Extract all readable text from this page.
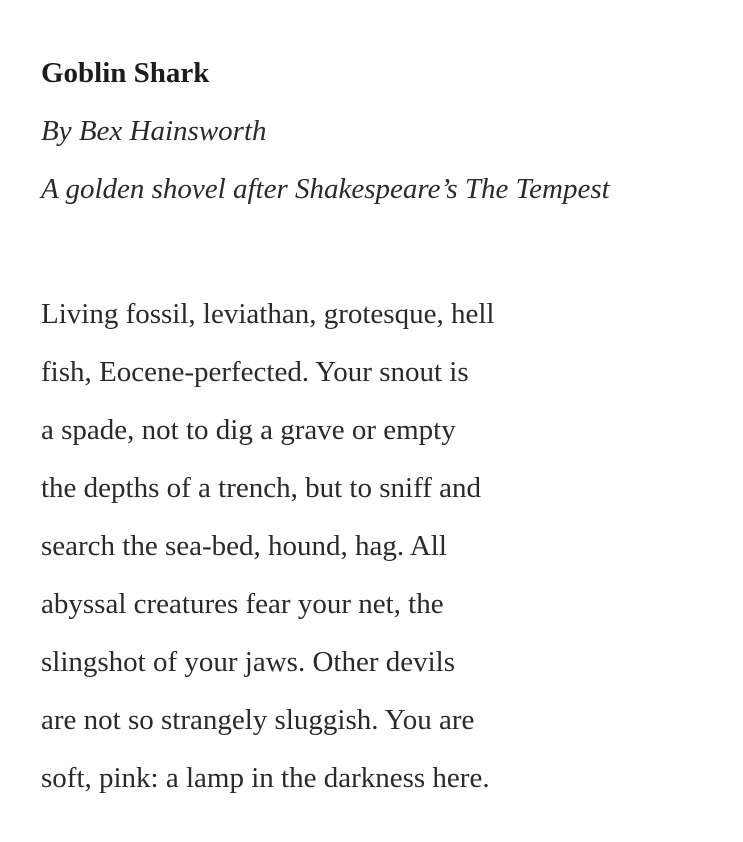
Goblin Shark

By Bex Hainsworth

A golden shovel after Shakespeare’s The Tempest

Living fossil, leviathan, grotesque, hell

fish, Eocene-perfected. Your snout is

a spade, not to dig a grave or empty

the depths of a trench, but to sniff and

search the sea-bed, hound, hag. All

abyssal creatures fear your net, the

slingshot of your jaws. Other devils

are not so strangely sluggish. You are

soft, pink: a lamp in the darkness here.
